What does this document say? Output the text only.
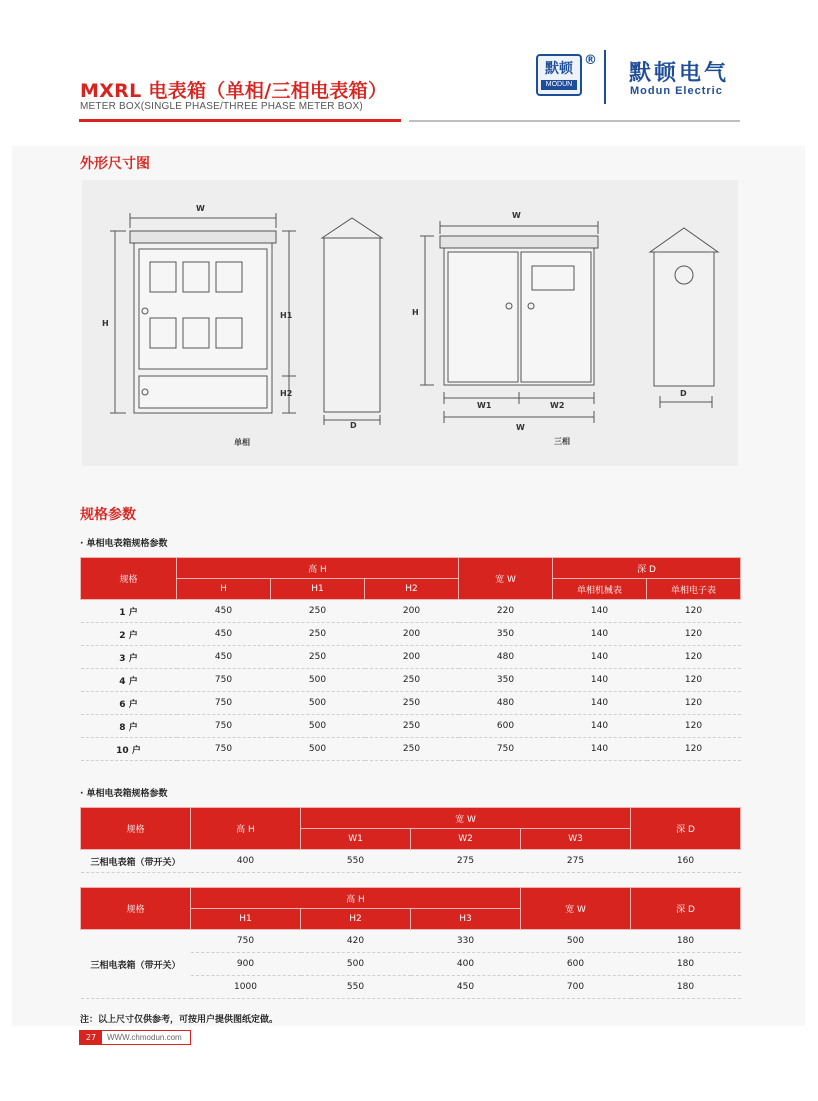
MXRL 电表箱（单相/三相电表箱）
METER BOX(SINGLE PHASE/THREE PHASE METER BOX)
默顿
MODUN
®
默顿电气
Modun Electric
外形尺寸图
W
H
H1
H2
单相
D
W
H
W1	W2
W
三相
D
规格参数
· 单相电表箱规格参数
规格	高 H			宽 W	深 D	
	H	H1	H2		单相机械表	单相电子表
1 户	450	250	200	220	140	120
2 户	450	250	200	350	140	120
3 户	450	250	200	480	140	120
4 户	750	500	250	350	140	120
6 户	750	500	250	480	140	120
8 户	750	500	250	600	140	120
10 户	750	500	250	750	140	120
· 单相电表箱规格参数
规格	高 H	宽 W			深 D
		W1	W2	W3	
三相电表箱（带开关）	400	550	275	275	160
规格	高 H			宽 W	深 D
	H1	H2	H3		
三相电表箱（带开关）	750	420	330	500	180
	900	500	400	600	180
	1000	550	450	700	180
注：以上尺寸仅供参考，可按用户提供图纸定做。
27	WWW.chmodun.com
